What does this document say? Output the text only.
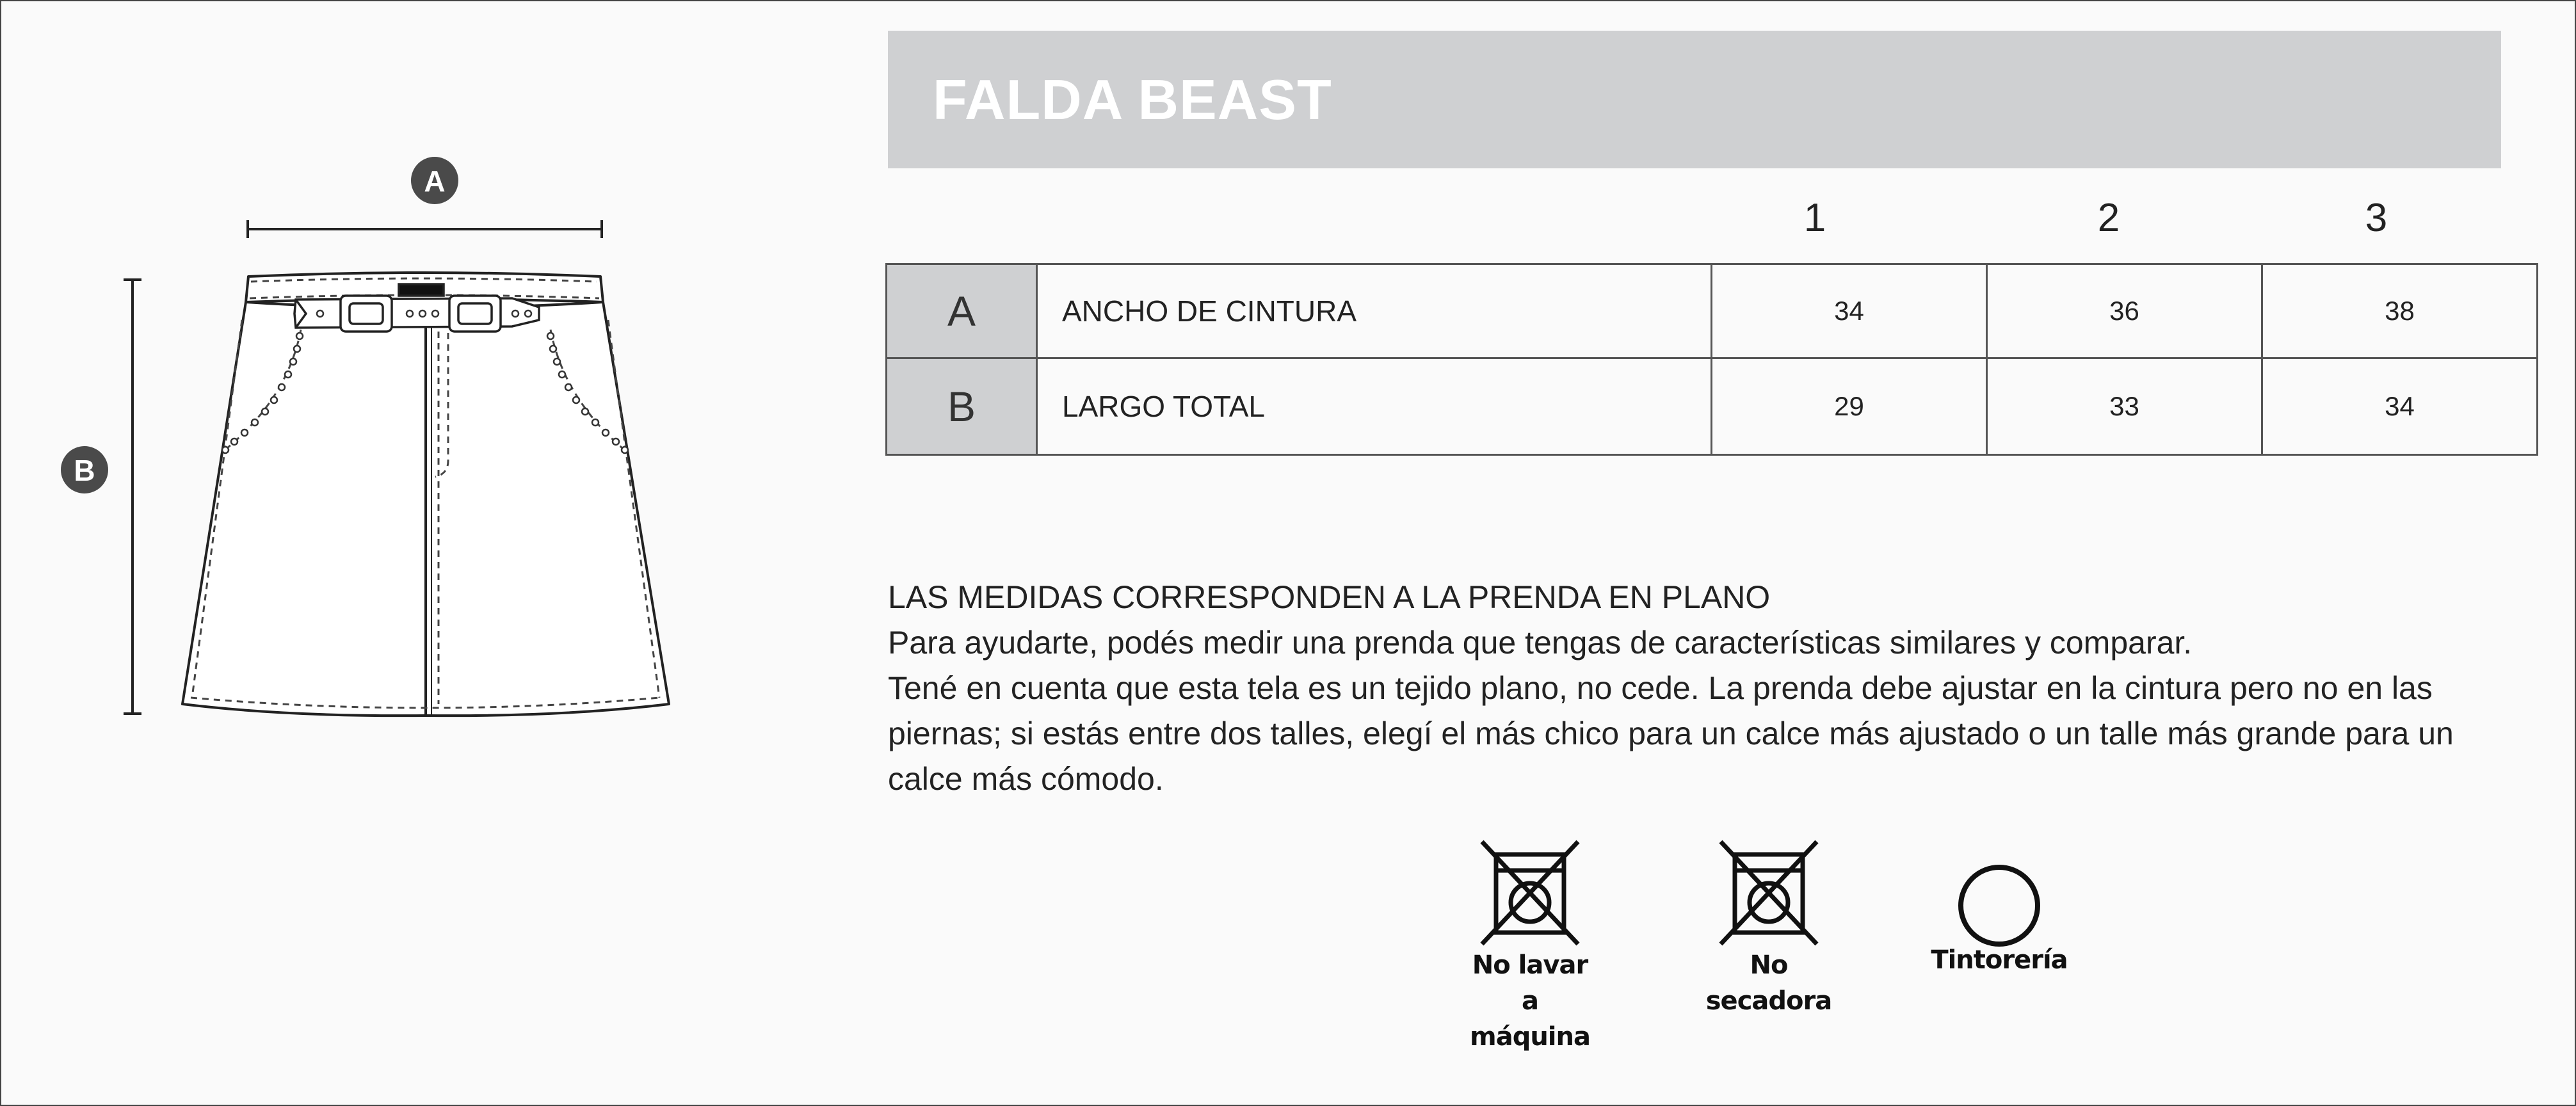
A
B
FALDA BEAST
1	2	3
A	ANCHO DE CINTURA	34	36	38
B	LARGO TOTAL	29	33	34
LAS MEDIDAS CORRESPONDEN A LA PRENDA EN PLANO
Para ayudarte, podés medir una prenda que tengas de características similares y comparar.
Tené en cuenta que esta tela es un tejido plano, no cede. La prenda debe ajustar en la cintura pero no en las piernas; si estás entre dos talles, elegí el más chico para un calce más ajustado o un talle más grande para un calce más cómodo.
No lavar
a máquina
No
secadora
Tintorería
